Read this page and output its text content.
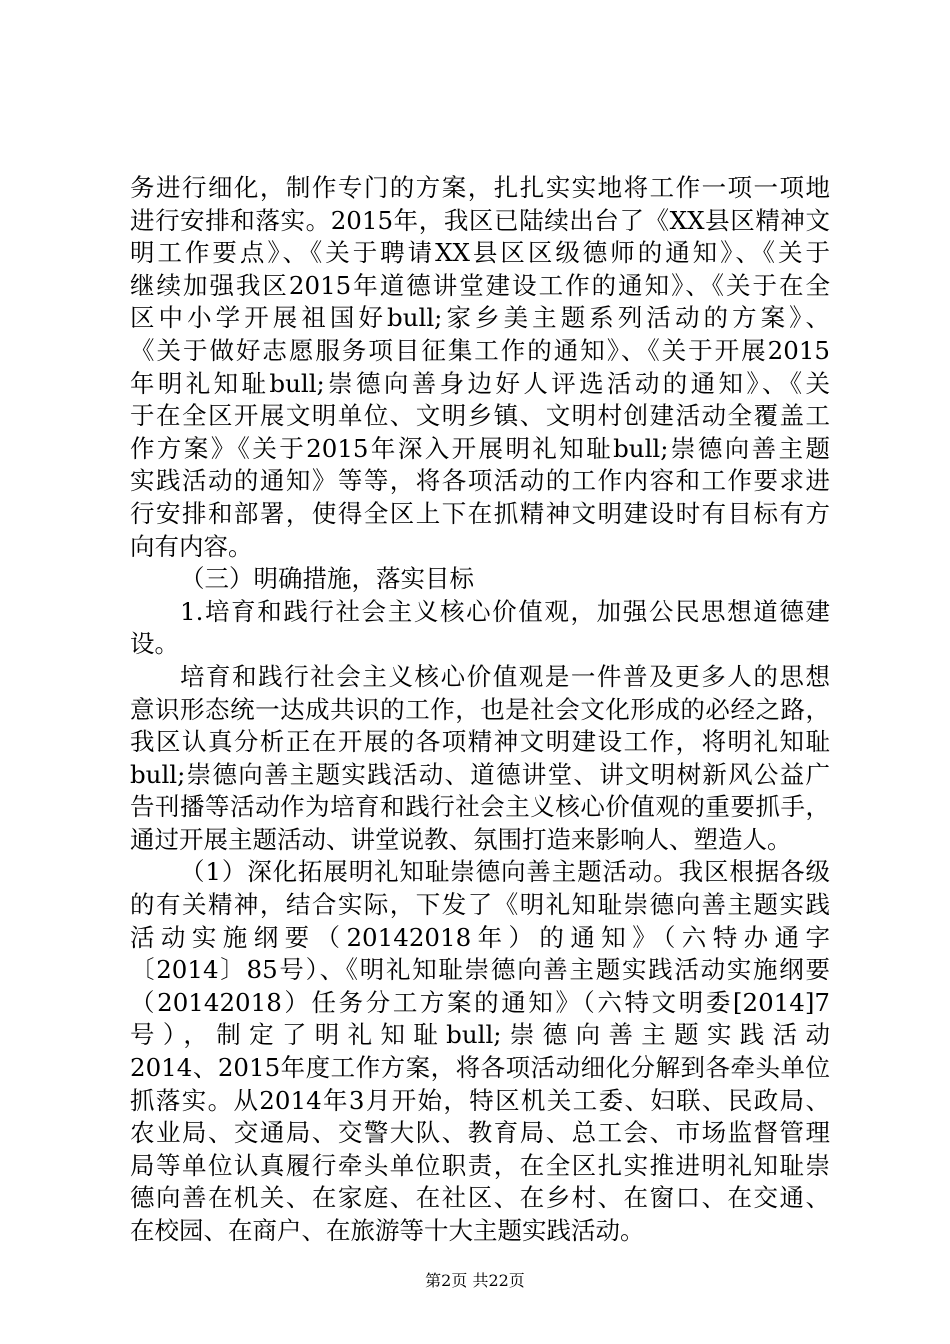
务进行细化，制作专门的方案，扎扎实实地将工作一项一项地
进行安排和落实。2015年，我区已陆续出台了《XX县区精神文
明工作要点》、《关于聘请XX县区区级德师的通知》、《关于
继续加强我区2015年道德讲堂建设工作的通知》、《关于在全
区中小学开展祖国好bull;家乡美主题系列活动的方案》、
《关于做好志愿服务项目征集工作的通知》、《关于开展2015
年明礼知耻bull;崇德向善身边好人评选活动的通知》、《关
于在全区开展文明单位、文明乡镇、文明村创建活动全覆盖工
作方案》《关于2015年深入开展明礼知耻bull;崇德向善主题
实践活动的通知》等等，将各项活动的工作内容和工作要求进
行安排和部署，使得全区上下在抓精神文明建设时有目标有方
向有内容。
（三）明确措施，落实目标
1.培育和践行社会主义核心价值观，加强公民思想道德建
设。
培育和践行社会主义核心价值观是一件普及更多人的思想
意识形态统一达成共识的工作，也是社会文化形成的必经之路，
我区认真分析正在开展的各项精神文明建设工作，将明礼知耻
bull;崇德向善主题实践活动、道德讲堂、讲文明树新风公益广
告刊播等活动作为培育和践行社会主义核心价值观的重要抓手，
通过开展主题活动、讲堂说教、氛围打造来影响人、塑造人。
（1）深化拓展明礼知耻崇德向善主题活动。我区根据各级
的有关精神，结合实际，下发了《明礼知耻崇德向善主题实践
活动实施纲要（20142018年）的通知》（六特办通字
〔2014〕85号）、《明礼知耻崇德向善主题实践活动实施纲要
（20142018）任务分工方案的通知》（六特文明委[2014]7
号），制定了明礼知耻bull;崇德向善主题实践活动
2014、2015年度工作方案，将各项活动细化分解到各牵头单位
抓落实。从2014年3月开始，特区机关工委、妇联、民政局、
农业局、交通局、交警大队、教育局、总工会、市场监督管理
局等单位认真履行牵头单位职责，在全区扎实推进明礼知耻崇
德向善在机关、在家庭、在社区、在乡村、在窗口、在交通、
在校园、在商户、在旅游等十大主题实践活动。
第2页 共22页
